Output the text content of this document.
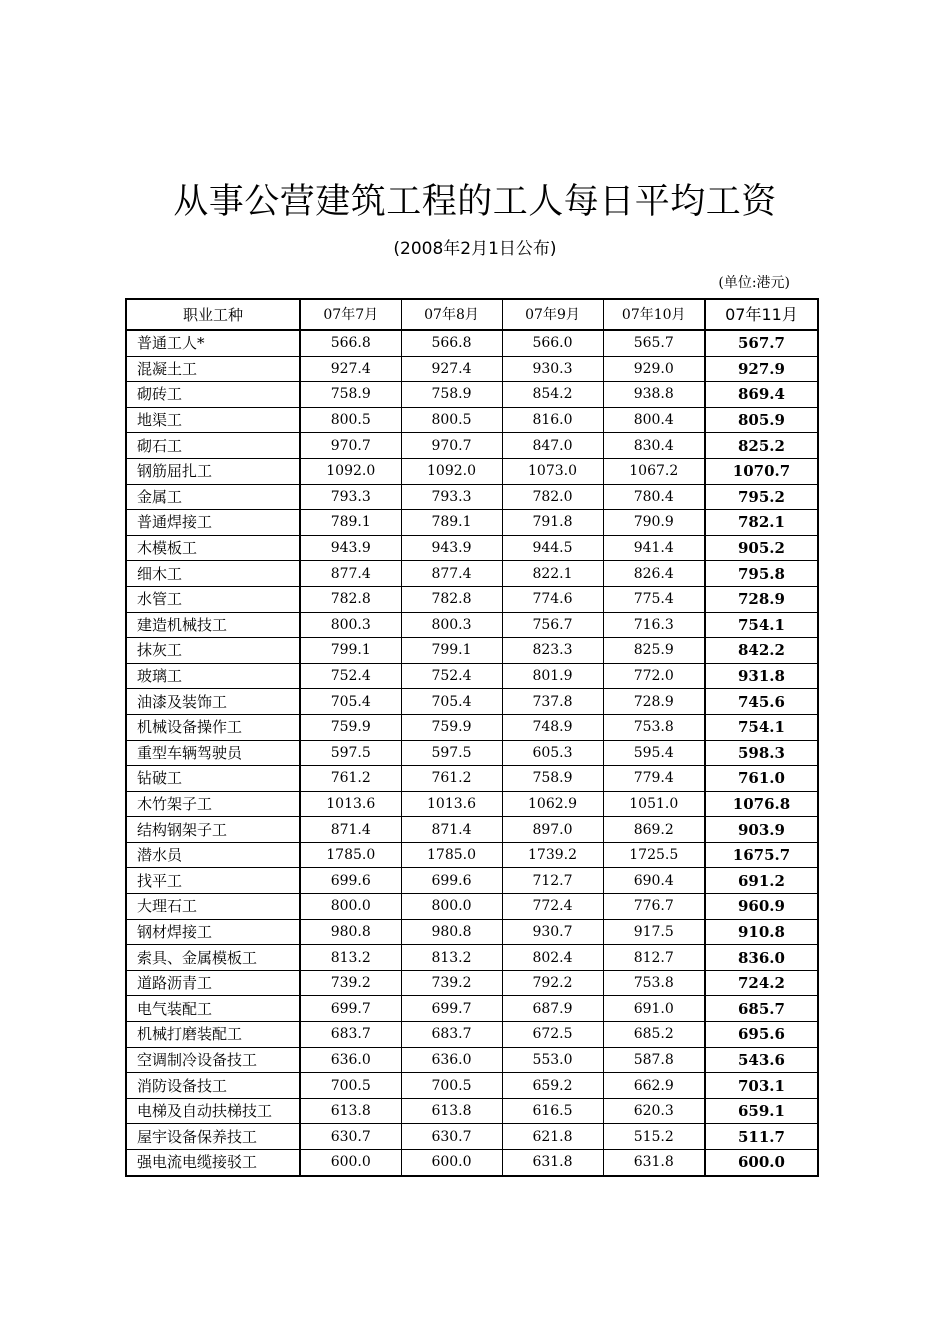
从事公营建筑工程的工人每日平均工资
(2008年2月1日公布)
(单位:港元)
职业工种	07年7月	07年8月	07年9月	07年10月	07年11月
普通工人*	566.8	566.8	566.0	565.7	567.7
混凝土工	927.4	927.4	930.3	929.0	927.9
砌砖工	758.9	758.9	854.2	938.8	869.4
地渠工	800.5	800.5	816.0	800.4	805.9
砌石工	970.7	970.7	847.0	830.4	825.2
钢筋屈扎工	1092.0	1092.0	1073.0	1067.2	1070.7
金属工	793.3	793.3	782.0	780.4	795.2
普通焊接工	789.1	789.1	791.8	790.9	782.1
木模板工	943.9	943.9	944.5	941.4	905.2
细木工	877.4	877.4	822.1	826.4	795.8
水管工	782.8	782.8	774.6	775.4	728.9
建造机械技工	800.3	800.3	756.7	716.3	754.1
抹灰工	799.1	799.1	823.3	825.9	842.2
玻璃工	752.4	752.4	801.9	772.0	931.8
油漆及装饰工	705.4	705.4	737.8	728.9	745.6
机械设备操作工	759.9	759.9	748.9	753.8	754.1
重型车辆驾驶员	597.5	597.5	605.3	595.4	598.3
钻破工	761.2	761.2	758.9	779.4	761.0
木竹架子工	1013.6	1013.6	1062.9	1051.0	1076.8
结构钢架子工	871.4	871.4	897.0	869.2	903.9
潜水员	1785.0	1785.0	1739.2	1725.5	1675.7
找平工	699.6	699.6	712.7	690.4	691.2
大理石工	800.0	800.0	772.4	776.7	960.9
钢材焊接工	980.8	980.8	930.7	917.5	910.8
索具、金属模板工	813.2	813.2	802.4	812.7	836.0
道路沥青工	739.2	739.2	792.2	753.8	724.2
电气装配工	699.7	699.7	687.9	691.0	685.7
机械打磨装配工	683.7	683.7	672.5	685.2	695.6
空调制冷设备技工	636.0	636.0	553.0	587.8	543.6
消防设备技工	700.5	700.5	659.2	662.9	703.1
电梯及自动扶梯技工	613.8	613.8	616.5	620.3	659.1
屋宇设备保养技工	630.7	630.7	621.8	515.2	511.7
强电流电缆接驳工	600.0	600.0	631.8	631.8	600.0
